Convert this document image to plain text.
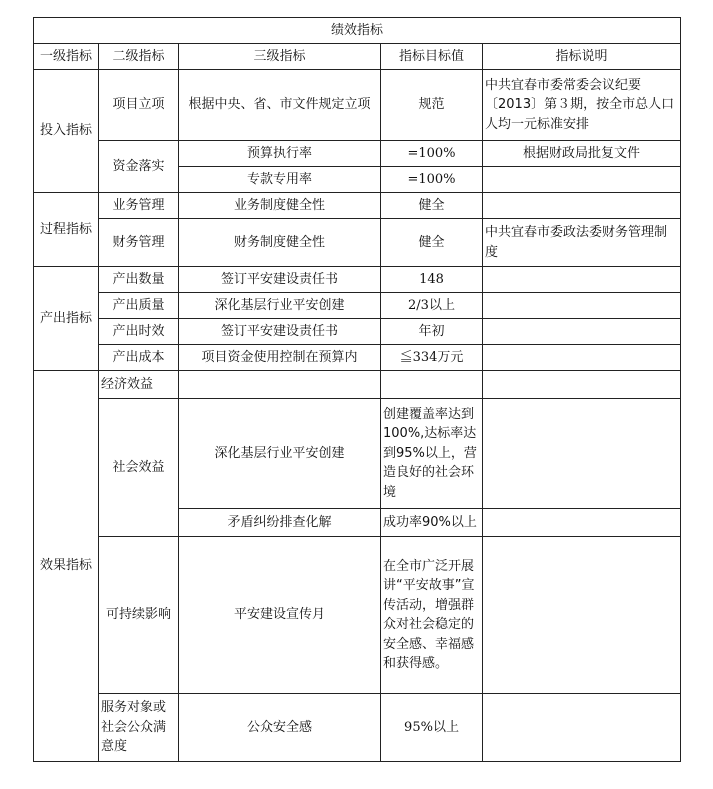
绩效指标				
一级指标	二级指标	三级指标	指标目标值	指标说明
投入指标	项目立项	根据中央、省、市文件规定立项	规范	中共宜春市委常委会议纪要〔2013〕第３期，按全市总人口人均一元标准安排
	资金落实	预算执行率	=100%	根据财政局批复文件
		专款专用率	=100%	
过程指标	业务管理	业务制度健全性	健全	
	财务管理	财务制度健全性	健全	中共宜春市委政法委财务管理制度
产出指标	产出数量	签订平安建设责任书	148	
	产出质量	深化基层行业平安创建	2/3以上	
	产出时效	签订平安建设责任书	年初	
	产出成本	项目资金使用控制在预算内	≦334万元	
效果指标	经济效益			
	社会效益	深化基层行业平安创建	创建覆盖率达到100%,达标率达到95%以上，营造良好的社会环境	
		矛盾纠纷排查化解	成功率90%以上	
	可持续影响	平安建设宣传月	在全市广泛开展讲“平安故事”宣传活动，增强群众对社会稳定的安全感、幸福感和获得感。	
	服务对象或社会公众满意度	公众安全感	95%以上	
